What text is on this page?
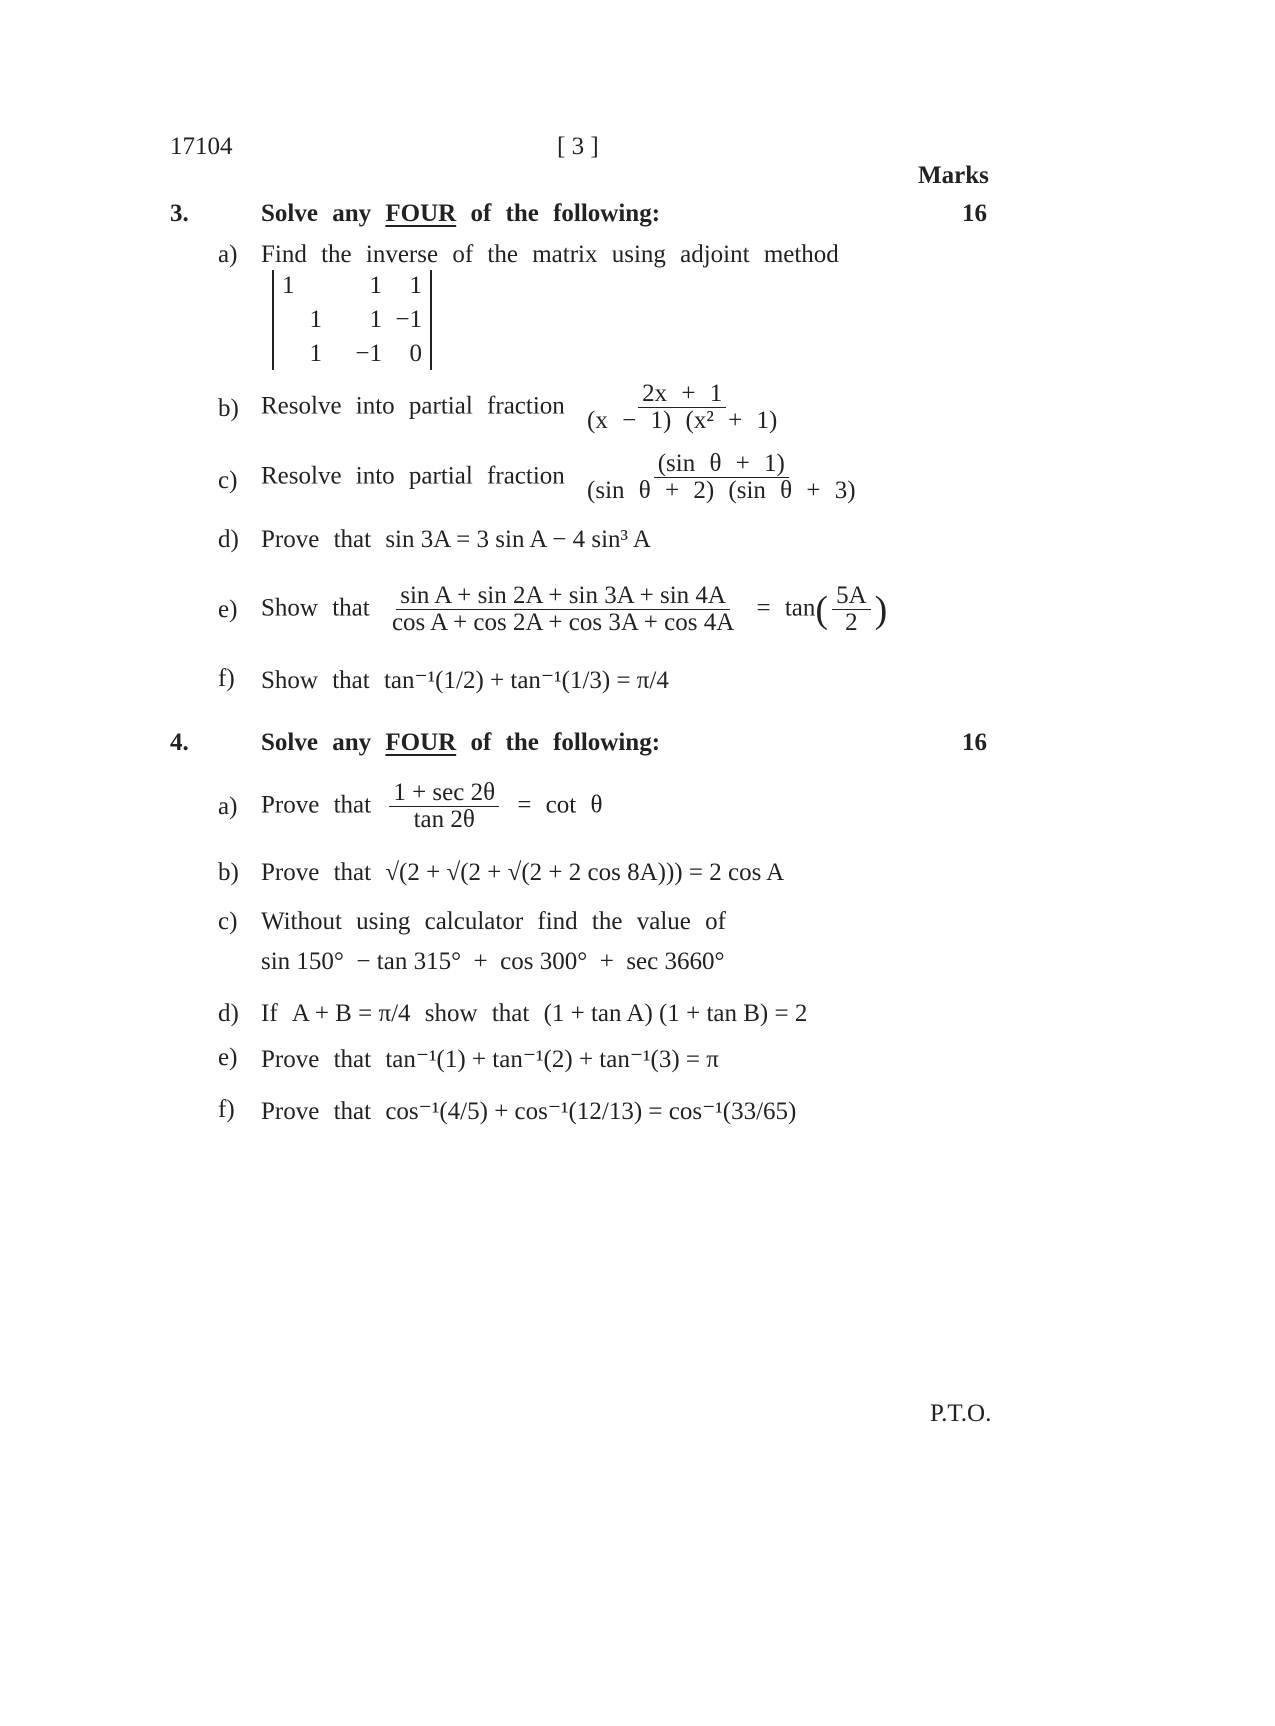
17104	[ 3 ]
Marks
3.	Solve any FOUR of the following:	16
a) Find the inverse of the matrix using adjoint method
1	1	1
1	1 −1
1	−1	0
b) Resolve into partial fraction $\frac{2x + 1}{\text{(x − 1) (x² + 1)}}$
c) Resolve into partial fraction $\frac{\text{(sin θ + 1)}}{\text{(sin θ + 2) (sin θ + 3)}}$
d) Prove that sin 3A = 3 sin A − 4 sin³ A
e) Show that $\frac{\text{sin A + sin 2A + sin 3A + sin 4A}}{\text{cos A + cos 2A + cos 3A + cos 4A}} = \tan( \frac{5A}{2}$ )
f) Show that tan⁻¹(1/2) + tan⁻¹(1/3) = π/4
4.	Solve any FOUR of the following:	16
a) Prove that $\frac{1 + \sec 2\theta}{\tan 2\theta} = \cot \theta$
b) Prove that √(2 + √(2 + √(2 + 2 cos 8A))) = 2 cos A
c) Without using calculator find the value of
sin 150°  − tan 315°  +  cos 300°  +  sec 3660°
d) If A + B = π/4 show that (1 + tan A) (1 + tan B) = 2
e) Prove that tan⁻¹(1) + tan⁻¹(2) + tan⁻¹(3) = π
f) Prove that cos⁻¹(4/5) + cos⁻¹(12/13) = cos⁻¹(33/65)
P.T.O.
